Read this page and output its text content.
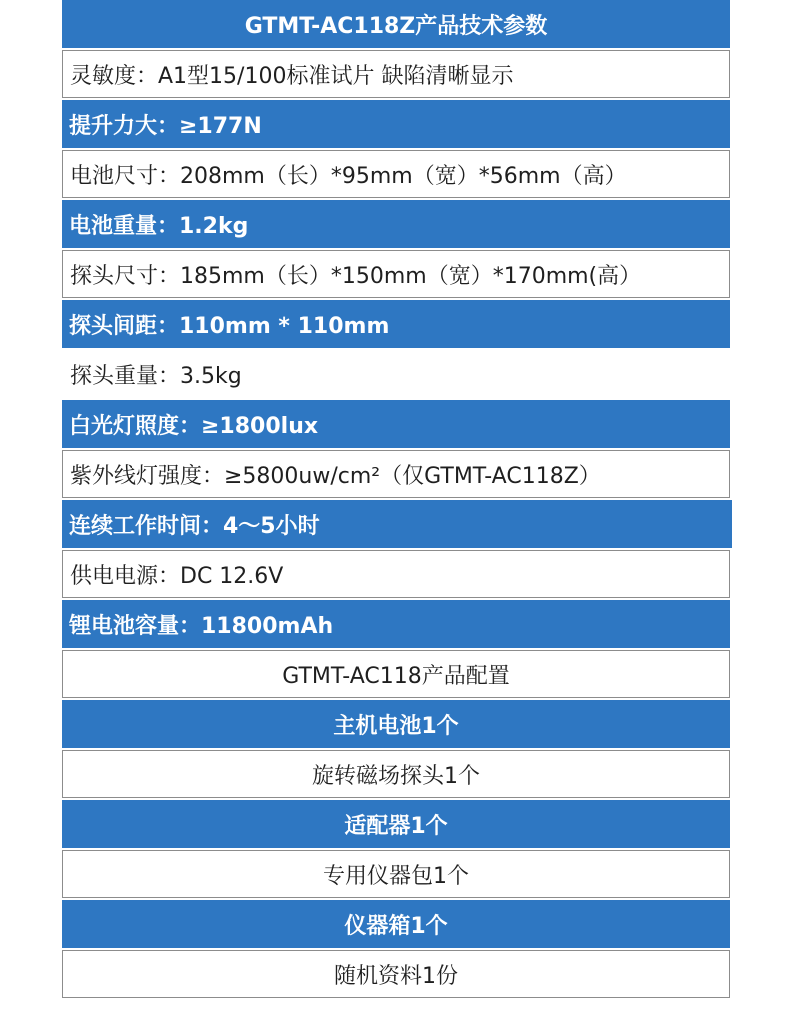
GTMT-AC118Z产品技术参数
灵敏度：A1型15/100标准试片 缺陷清晰显示
提升力大：≥177N
电池尺寸：208mm（长）*95mm（宽）*56mm（高）
电池重量：1.2kg
探头尺寸：185mm（长）*150mm（宽）*170mm(高）
探头间距：110mm * 110mm
探头重量：3.5kg
白光灯照度：≥1800lux
紫外线灯强度：≥5800uw/cm²（仅GTMT-AC118Z）
连续工作时间：4～5小时
供电电源：DC 12.6V
锂电池容量：11800mAh
GTMT-AC118产品配置
主机电池1个
旋转磁场探头1个
适配器1个
专用仪器包1个
仪器箱1个
随机资料1份
